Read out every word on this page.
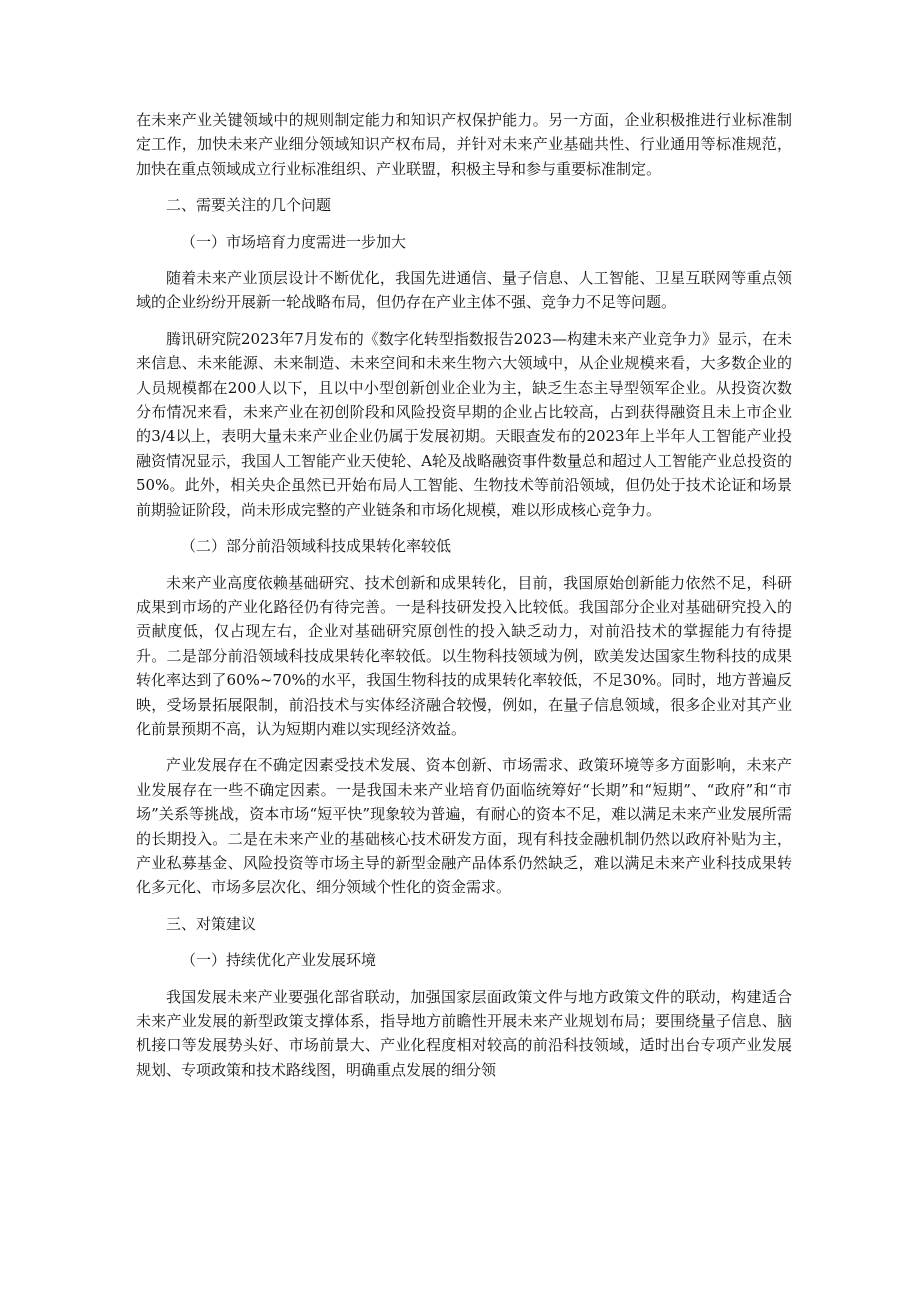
在未来产业关键领域中的规则制定能力和知识产权保护能力。另一方面，企业积极推进行业标准制定工作，加快未来产业细分领域知识产权布局，并针对未来产业基础共性、行业通用等标准规范，加快在重点领域成立行业标准组织、产业联盟，积极主导和参与重要标准制定。

二、需要关注的几个问题

（一）市场培育力度需进一步加大

随着未来产业顶层设计不断优化，我国先进通信、量子信息、人工智能、卫星互联网等重点领域的企业纷纷开展新一轮战略布局，但仍存在产业主体不强、竞争力不足等问题。

腾讯研究院2023年7月发布的《数字化转型指数报告2023—构建未来产业竞争力》显示，在未来信息、未来能源、未来制造、未来空间和未来生物六大领域中，从企业规模来看，大多数企业的人员规模都在200人以下，且以中小型创新创业企业为主，缺乏生态主导型领军企业。从投资次数分布情况来看，未来产业在初创阶段和风险投资早期的企业占比较高，占到获得融资且未上市企业的3/4以上，表明大量未来产业企业仍属于发展初期。天眼查发布的2023年上半年人工智能产业投融资情况显示，我国人工智能产业天使轮、A轮及战略融资事件数量总和超过人工智能产业总投资的50%。此外，相关央企虽然已开始布局人工智能、生物技术等前沿领域，但仍处于技术论证和场景前期验证阶段，尚未形成完整的产业链条和市场化规模，难以形成核心竞争力。

（二）部分前沿领域科技成果转化率较低

未来产业高度依赖基础研究、技术创新和成果转化，目前，我国原始创新能力依然不足，科研成果到市场的产业化路径仍有待完善。一是科技研发投入比较低。我国部分企业对基础研究投入的贡献度低，仅占现左右，企业对基础研究原创性的投入缺乏动力，对前沿技术的掌握能力有待提升。二是部分前沿领域科技成果转化率较低。以生物科技领域为例，欧美发达国家生物科技的成果转化率达到了60%~70%的水平，我国生物科技的成果转化率较低，不足30%。同时，地方普遍反映，受场景拓展限制，前沿技术与实体经济融合较慢，例如，在量子信息领域，很多企业对其产业化前景预期不高，认为短期内难以实现经济效益。

产业发展存在不确定因素受技术发展、资本创新、市场需求、政策环境等多方面影响，未来产业发展存在一些不确定因素。一是我国未来产业培育仍面临统筹好“长期”和“短期”、“政府”和“市场”关系等挑战，资本市场“短平快”现象较为普遍，有耐心的资本不足，难以满足未来产业发展所需的长期投入。二是在未来产业的基础核心技术研发方面，现有科技金融机制仍然以政府补贴为主，产业私募基金、风险投资等市场主导的新型金融产品体系仍然缺乏，难以满足未来产业科技成果转化多元化、市场多层次化、细分领域个性化的资金需求。

三、对策建议

（一）持续优化产业发展环境

我国发展未来产业要强化部省联动，加强国家层面政策文件与地方政策文件的联动，构建适合未来产业发展的新型政策支撑体系，指导地方前瞻性开展未来产业规划布局；要围绕量子信息、脑机接口等发展势头好、市场前景大、产业化程度相对较高的前沿科技领域，适时出台专项产业发展规划、专项政策和技术路线图，明确重点发展的细分领
